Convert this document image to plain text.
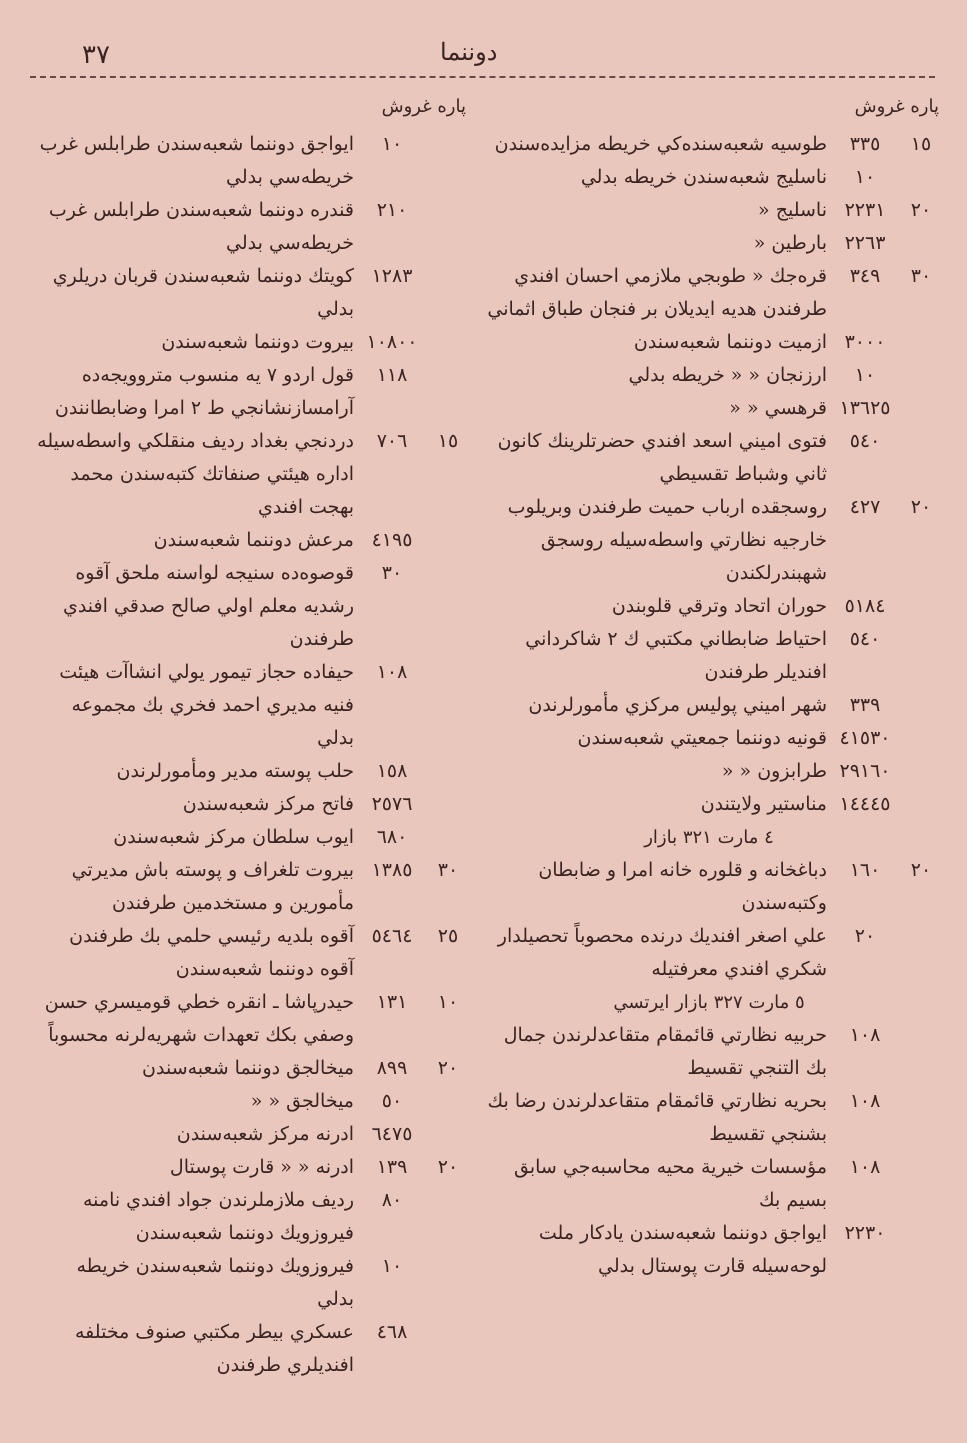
٣٧	دوننما
پاره غروش
١٥
٣٣٥
طوسيه شعبه‌سنده‌كي خريطه مزايده‌سندن
١٠
ناسليج شعبه‌سندن خريطه بدلي
٢٠
٢٢٣١
ناسليج «
٢٢٦٣
بارطين «
٣٠
٣٤٩
قره‌جك « طوبجي ملازمي احسان افندي طرفندن هديه ايديلان بر فنجان طباق اثماني
٣٠٠٠
ازميت دوننما شعبه‌سندن
١٠
ارزنجان « « خريطه بدلي
١٣٦٢٥
قرهسي « «
٥٤٠
فتوى اميني اسعد افندي حضرتلرينك كانون ثاني وشباط تقسيطي
٢٠
٤٢٧
روسجقده ارباب حميت طرفندن وبريلوب خارجيه نظارتي واسطه‌سيله روسجق شهبندرلكندن
٥١٨٤
حوران اتحاد وترقي قلوبندن
٥٤٠
احتياط ضابطاني مكتبي ك ٢ شاكرداني افنديلر طرفندن
٣٣٩
شهر اميني پوليس مركزي مأمورلرندن
٤١٥٣٠
قونيه دوننما جمعيتي شعبه‌سندن
٢٩١٦٠
طرابزون « «
١٤٤٤٥
مناستير ولايتندن
٤ مارت ٣٢١ بازار
٢٠
١٦٠
دباغخانه و قلوره خانه امرا و ضابطان وكتبه‌سندن
٢٠
علي اصغر افنديك درنده محصوباً تحصيلدار شكري افندي معرفتيله
٥ مارت ٣٢٧ بازار ايرتسي
١٠٨
حربيه نظارتي قائمقام متقاعدلرندن جمال بك التنجي تقسيط
١٠٨
بحريه نظارتي قائمقام متقاعدلرندن رضا بك بشنجي تقسيط
١٠٨
مؤسسات خيرية محيه محاسبه‌جي سابق بسيم بك
٢٢٣٠
ايواجق دوننما شعبه‌سندن يادكار ملت لوحه‌سيله قارت پوستال بدلي
پاره غروش
١٠
ايواجق دوننما شعبه‌سندن طرابلس غرب خريطه‌سي بدلي
٢١٠
قندره دوننما شعبه‌سندن طرابلس غرب خريطه‌سي بدلي
١٢٨٣
كويتك دوننما شعبه‌سندن قربان دريلري بدلي
١٠٨٠٠
بيروت دوننما شعبه‌سندن
١١٨
قول اردو ٧ يه منسوب متروويجه‌ده آرامسازنشانجي ط ٢ امرا وضابطانندن
١٥
٧٠٦
دردنجي بغداد رديف منقلكي واسطه‌سيله اداره هيئتي صنفاتك كتبه‌سندن محمد بهجت افندي
٤١٩٥
مرعش دوننما شعبه‌سندن
٣٠
قوصوه‌ده سنيجه لواسنه ملحق آقوه رشديه معلم اولي صالح صدقي افندي طرفندن
١٠٨
حيفاده حجاز تيمور يولي انشاآت هيئت فنيه مديري احمد فخري بك مجموعه بدلي
١٥٨
حلب پوسته مدير ومأمورلرندن
٢٥٧٦
فاتح مركز شعبه‌سندن
٦٨٠
ايوب سلطان مركز شعبه‌سندن
٣٠
١٣٨٥
بيروت تلغراف و پوسته باش مديرتي مأمورين و مستخدمين طرفندن
٢٥
٥٤٦٤
آقوه بلديه رئيسي حلمي بك طرفندن آقوه دوننما شعبه‌سندن
١٠
١٣١
حيدرپاشا ـ انقره خطي قوميسري حسن وصفي بكك تعهدات شهريه‌لرنه محسوباً
٢٠
٨٩٩
ميخالجق دوننما شعبه‌سندن
٥٠
ميخالجق « «
٦٤٧٥
ادرنه مركز شعبه‌سندن
٢٠
١٣٩
ادرنه « « قارت پوستال
٨٠
رديف ملازملرندن جواد افندي نامنه فيروزويك دوننما شعبه‌سندن
١٠
فيروزويك دوننما شعبه‌سندن خريطه بدلي
٤٦٨
عسكري بيطر مكتبي صنوف مختلفه افنديلري طرفندن
